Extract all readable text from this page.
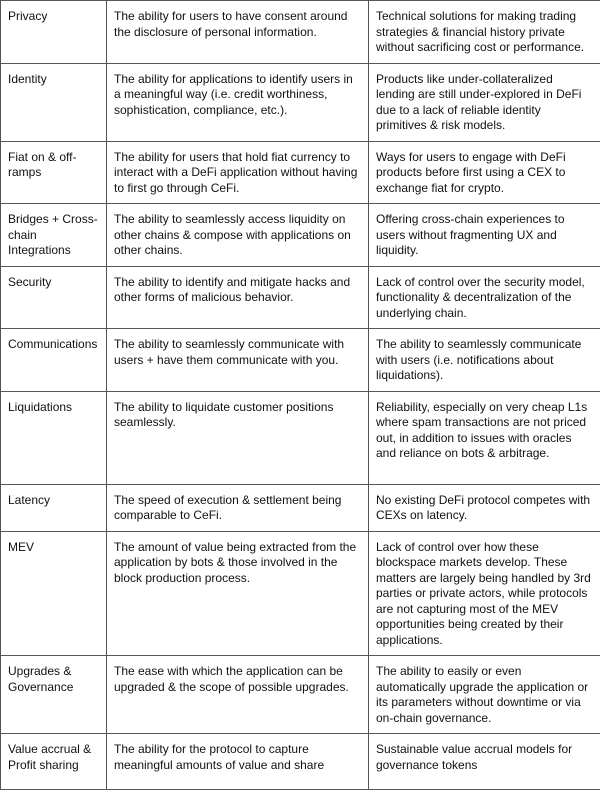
Privacy	The ability for users to have consent around the disclosure of personal information.	Technical solutions for making trading strategies & financial history private without sacrificing cost or performance.
Identity	The ability for applications to identify users in a meaningful way (i.e. credit worthiness, sophistication, compliance, etc.).	Products like under-collateralized lending are still under-explored in DeFi due to a lack of reliable identity primitives & risk models.
Fiat on & off-ramps	The ability for users that hold fiat currency to interact with a DeFi application without having to first go through CeFi.	Ways for users to engage with DeFi products before first using a CEX to exchange fiat for crypto.
Bridges + Cross-chain Integrations	The ability to seamlessly access liquidity on other chains & compose with applications on other chains.	Offering cross-chain experiences to users without fragmenting UX and liquidity.
Security	The ability to identify and mitigate hacks and other forms of malicious behavior.	Lack of control over the security model, functionality & decentralization of the underlying chain.
Communications	The ability to seamlessly communicate with users + have them communicate with you.	The ability to seamlessly communicate with users (i.e. notifications about liquidations).
Liquidations	The ability to liquidate customer positions seamlessly.	Reliability, especially on very cheap L1s where spam transactions are not priced out, in addition to issues with oracles and reliance on bots & arbitrage.
Latency	The speed of execution & settlement being comparable to CeFi.	No existing DeFi protocol competes with CEXs on latency.
MEV	The amount of value being extracted from the application by bots & those involved in the block production process.	Lack of control over how these blockspace markets develop. These matters are largely being handled by 3rd parties or private actors, while protocols are not capturing most of the MEV opportunities being created by their applications.
Upgrades & Governance	The ease with which the application can be upgraded & the scope of possible upgrades.	The ability to easily or even automatically upgrade the application or its parameters without downtime or via on-chain governance.
Value accrual & Profit sharing	The ability for the protocol to capture meaningful amounts of value and share	Sustainable value accrual models for governance tokens
